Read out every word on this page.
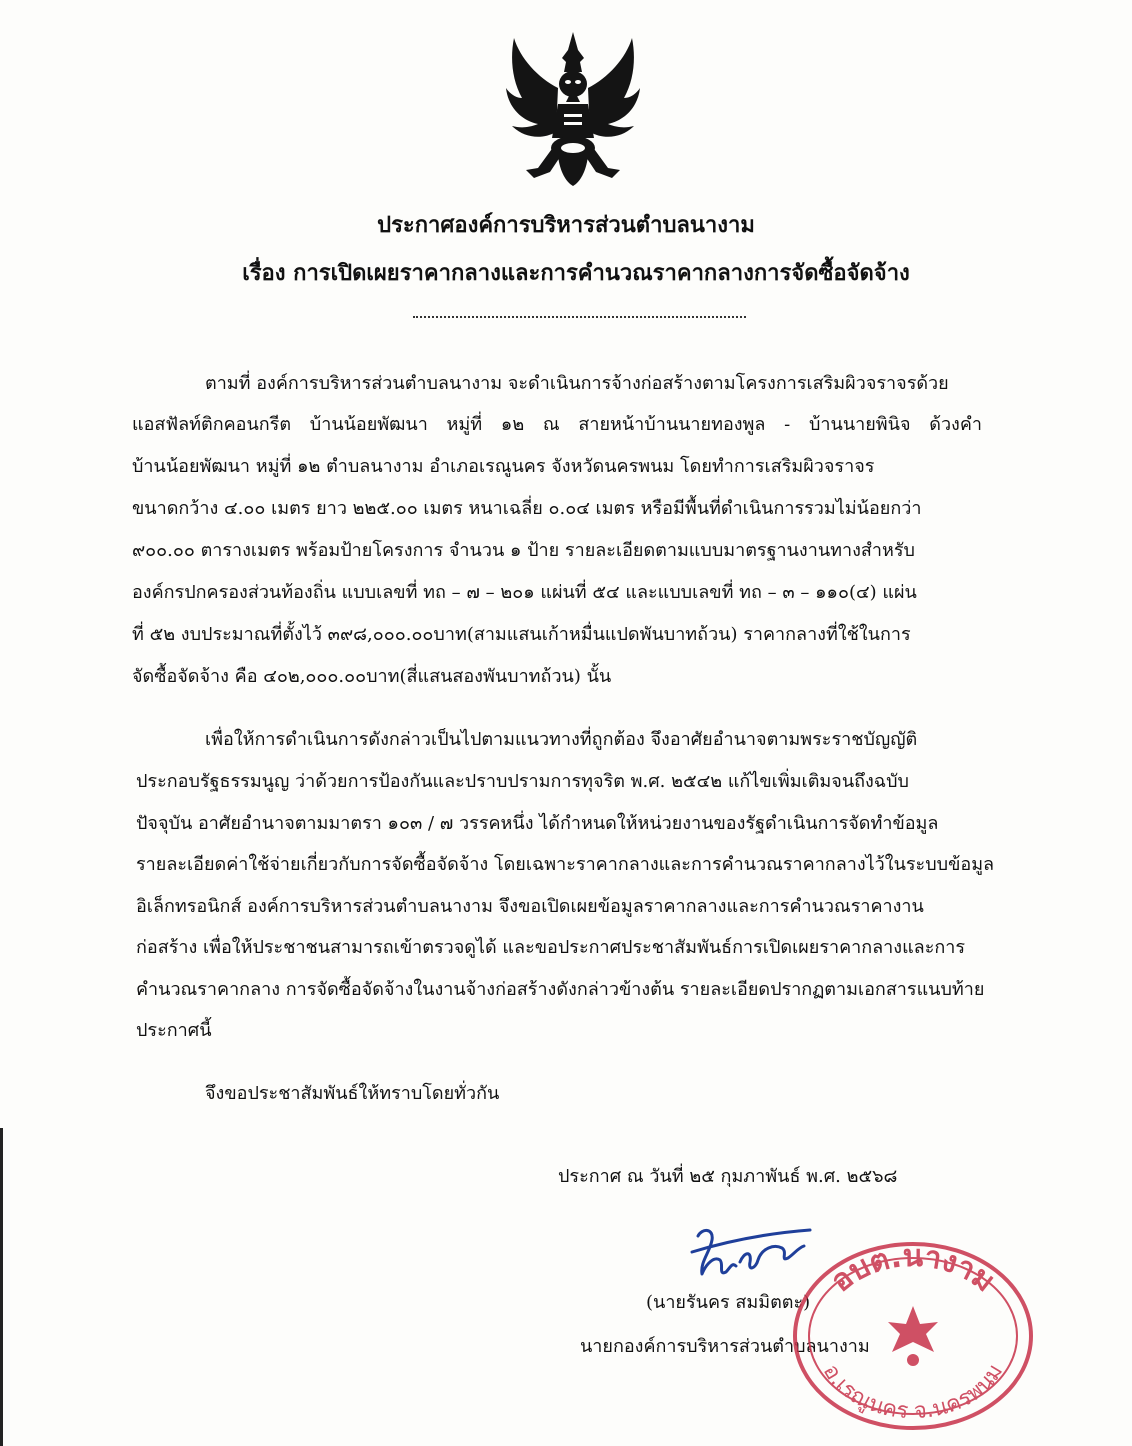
ประกาศองค์การบริหารส่วนตำบลนางาม
เรื่อง การเปิดเผยราคากลางและการคำนวณราคากลางการจัดซื้อจัดจ้าง
ตามที่ องค์การบริหารส่วนตำบลนางาม จะดำเนินการจ้างก่อสร้างตามโครงการเสริมผิวจราจรด้วย
แอสฟัลท์ติกคอนกรีต บ้านน้อยพัฒนา หมู่ที่ ๑๒ ณ สายหน้าบ้านนายทองพูล - บ้านนายพินิจ ด้วงคำ
บ้านน้อยพัฒนา หมู่ที่ ๑๒ ตำบลนางาม อำเภอเรณูนคร จังหวัดนครพนม โดยทำการเสริมผิวจราจร
ขนาดกว้าง ๔.๐๐ เมตร ยาว ๒๒๕.๐๐ เมตร หนาเฉลี่ย ๐.๐๔ เมตร หรือมีพื้นที่ดำเนินการรวมไม่น้อยกว่า
๙๐๐.๐๐ ตารางเมตร พร้อมป้ายโครงการ จำนวน ๑ ป้าย รายละเอียดตามแบบมาตรฐานงานทางสำหรับ
องค์กรปกครองส่วนท้องถิ่น แบบเลขที่ ทถ – ๗ – ๒๐๑ แผ่นที่ ๕๔ และแบบเลขที่ ทถ – ๓ – ๑๑๐(๔) แผ่น
ที่ ๕๒ งบประมาณที่ตั้งไว้ ๓๙๘,๐๐๐.๐๐บาท(สามแสนเก้าหมื่นแปดพันบาทถ้วน) ราคากลางที่ใช้ในการ
จัดซื้อจัดจ้าง คือ ๔๐๒,๐๐๐.๐๐บาท(สี่แสนสองพันบาทถ้วน) นั้น
เพื่อให้การดำเนินการดังกล่าวเป็นไปตามแนวทางที่ถูกต้อง จึงอาศัยอำนาจตามพระราชบัญญัติ
ประกอบรัฐธรรมนูญ ว่าด้วยการป้องกันและปราบปรามการทุจริต พ.ศ. ๒๕๔๒ แก้ไขเพิ่มเติมจนถึงฉบับ
ปัจจุบัน อาศัยอำนาจตามมาตรา ๑๐๓ / ๗ วรรคหนึ่ง ได้กำหนดให้หน่วยงานของรัฐดำเนินการจัดทำข้อมูล
รายละเอียดค่าใช้จ่ายเกี่ยวกับการจัดซื้อจัดจ้าง โดยเฉพาะราคากลางและการคำนวณราคากลางไว้ในระบบข้อมูล
อิเล็กทรอนิกส์ องค์การบริหารส่วนตำบลนางาม จึงขอเปิดเผยข้อมูลราคากลางและการคำนวณราคางาน
ก่อสร้าง เพื่อให้ประชาชนสามารถเข้าตรวจดูได้ และขอประกาศประชาสัมพันธ์การเปิดเผยราคากลางและการ
คำนวณราคากลาง การจัดซื้อจัดจ้างในงานจ้างก่อสร้างดังกล่าวข้างต้น รายละเอียดปรากฏตามเอกสารแนบท้าย
ประกาศนี้
จึงขอประชาสัมพันธ์ให้ทราบโดยทั่วกัน
ประกาศ ณ วันที่ ๒๕ กุมภาพันธ์ พ.ศ. ๒๕๖๘
(นายรันคร สมมิตตะ)
นายกองค์การบริหารส่วนตำบลนางาม
อบต.นางาม
อ.เรณูนคร จ.นครพนม
